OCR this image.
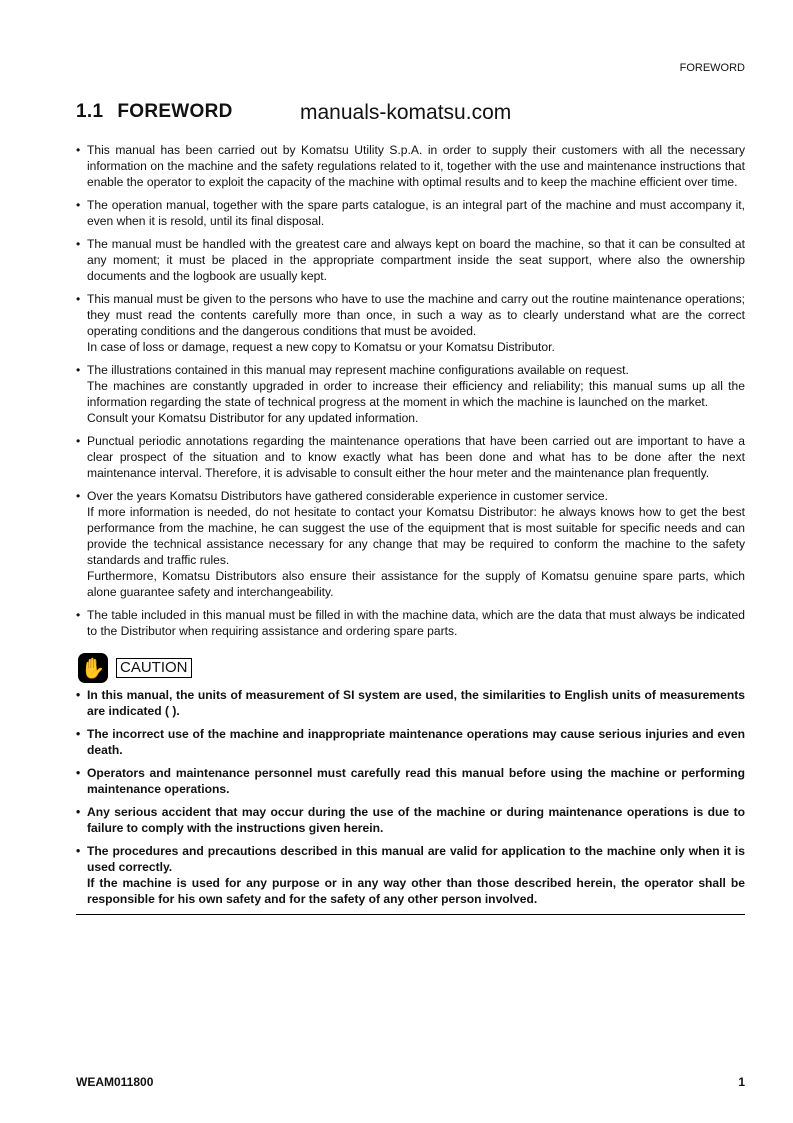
FOREWORD
1.1 FOREWORD	manuals-komatsu.com
• This manual has been carried out by Komatsu Utility S.p.A. in order to supply their customers with all the necessary information on the machine and the safety regulations related to it, together with the use and maintenance instructions that enable the operator to exploit the capacity of the machine with optimal results and to keep the machine efficient over time.
• The operation manual, together with the spare parts catalogue, is an integral part of the machine and must accompany it, even when it is resold, until its final disposal.
• The manual must be handled with the greatest care and always kept on board the machine, so that it can be consulted at any moment; it must be placed in the appropriate compartment inside the seat support, where also the ownership documents and the logbook are usually kept.
• This manual must be given to the persons who have to use the machine and carry out the routine maintenance operations; they must read the contents carefully more than once, in such a way as to clearly understand what are the correct operating conditions and the dangerous conditions that must be avoided.
In case of loss or damage, request a new copy to Komatsu or your Komatsu Distributor.
• The illustrations contained in this manual may represent machine configurations available on request.
The machines are constantly upgraded in order to increase their efficiency and reliability; this manual sums up all the information regarding the state of technical progress at the moment in which the machine is launched on the market.
Consult your Komatsu Distributor for any updated information.
• Punctual periodic annotations regarding the maintenance operations that have been carried out are important to have a clear prospect of the situation and to know exactly what has been done and what has to be done after the next maintenance interval. Therefore, it is advisable to consult either the hour meter and the maintenance plan frequently.
• Over the years Komatsu Distributors have gathered considerable experience in customer service.
If more information is needed, do not hesitate to contact your Komatsu Distributor: he always knows how to get the best performance from the machine, he can suggest the use of the equipment that is most suitable for specific needs and can provide the technical assistance necessary for any change that may be required to conform the machine to the safety standards and traffic rules.
Furthermore, Komatsu Distributors also ensure their assistance for the supply of Komatsu genuine spare parts, which alone guarantee safety and interchangeability.
• The table included in this manual must be filled in with the machine data, which are the data that must always be indicated to the Distributor when requiring assistance and ordering spare parts.
✋ CAUTION
• In this manual, the units of measurement of SI system are used, the similarities to English units of measurements are indicated ( ).
• The incorrect use of the machine and inappropriate maintenance operations may cause serious injuries and even death.
• Operators and maintenance personnel must carefully read this manual before using the machine or performing maintenance operations.
• Any serious accident that may occur during the use of the machine or during maintenance operations is due to failure to comply with the instructions given herein.
• The procedures and precautions described in this manual are valid for application to the machine only when it is used correctly.
If the machine is used for any purpose or in any way other than those described herein, the operator shall be responsible for his own safety and for the safety of any other person involved.
WEAM011800	1
